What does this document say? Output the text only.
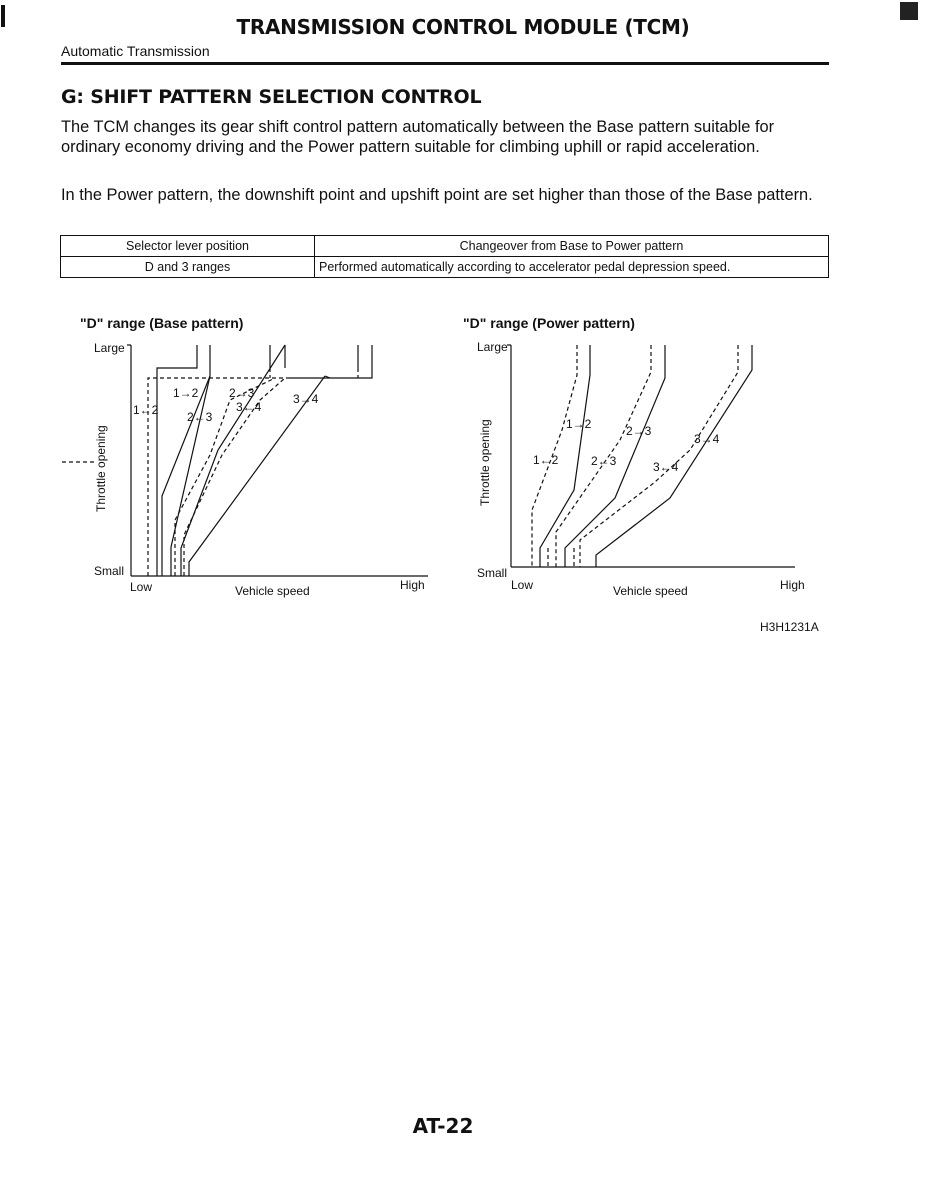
TRANSMISSION CONTROL MODULE (TCM)
Automatic Transmission
G: SHIFT PATTERN SELECTION CONTROL
The TCM changes its gear shift control pattern automatically between the Base pattern suitable for ordinary economy driving and the Power pattern suitable for climbing uphill or rapid acceleration.
In the Power pattern, the downshift point and upshift point are set higher than those of the Base pattern.
Selector lever position	Changeover from Base to Power pattern
D and 3 ranges	Performed automatically according to accelerator pedal depression speed.
"D" range (Base pattern)	"D" range (Power pattern)
Large
Small
Low	High
Vehicle speed
Throttle opening
1→2	2→3	3→4
1←2 2←3
3←4
Large
Small
Low	High
Vehicle speed
Throttle opening	1→2	2→3
3→4
1←2	2←3	3←4
H3H1231A
AT-22
